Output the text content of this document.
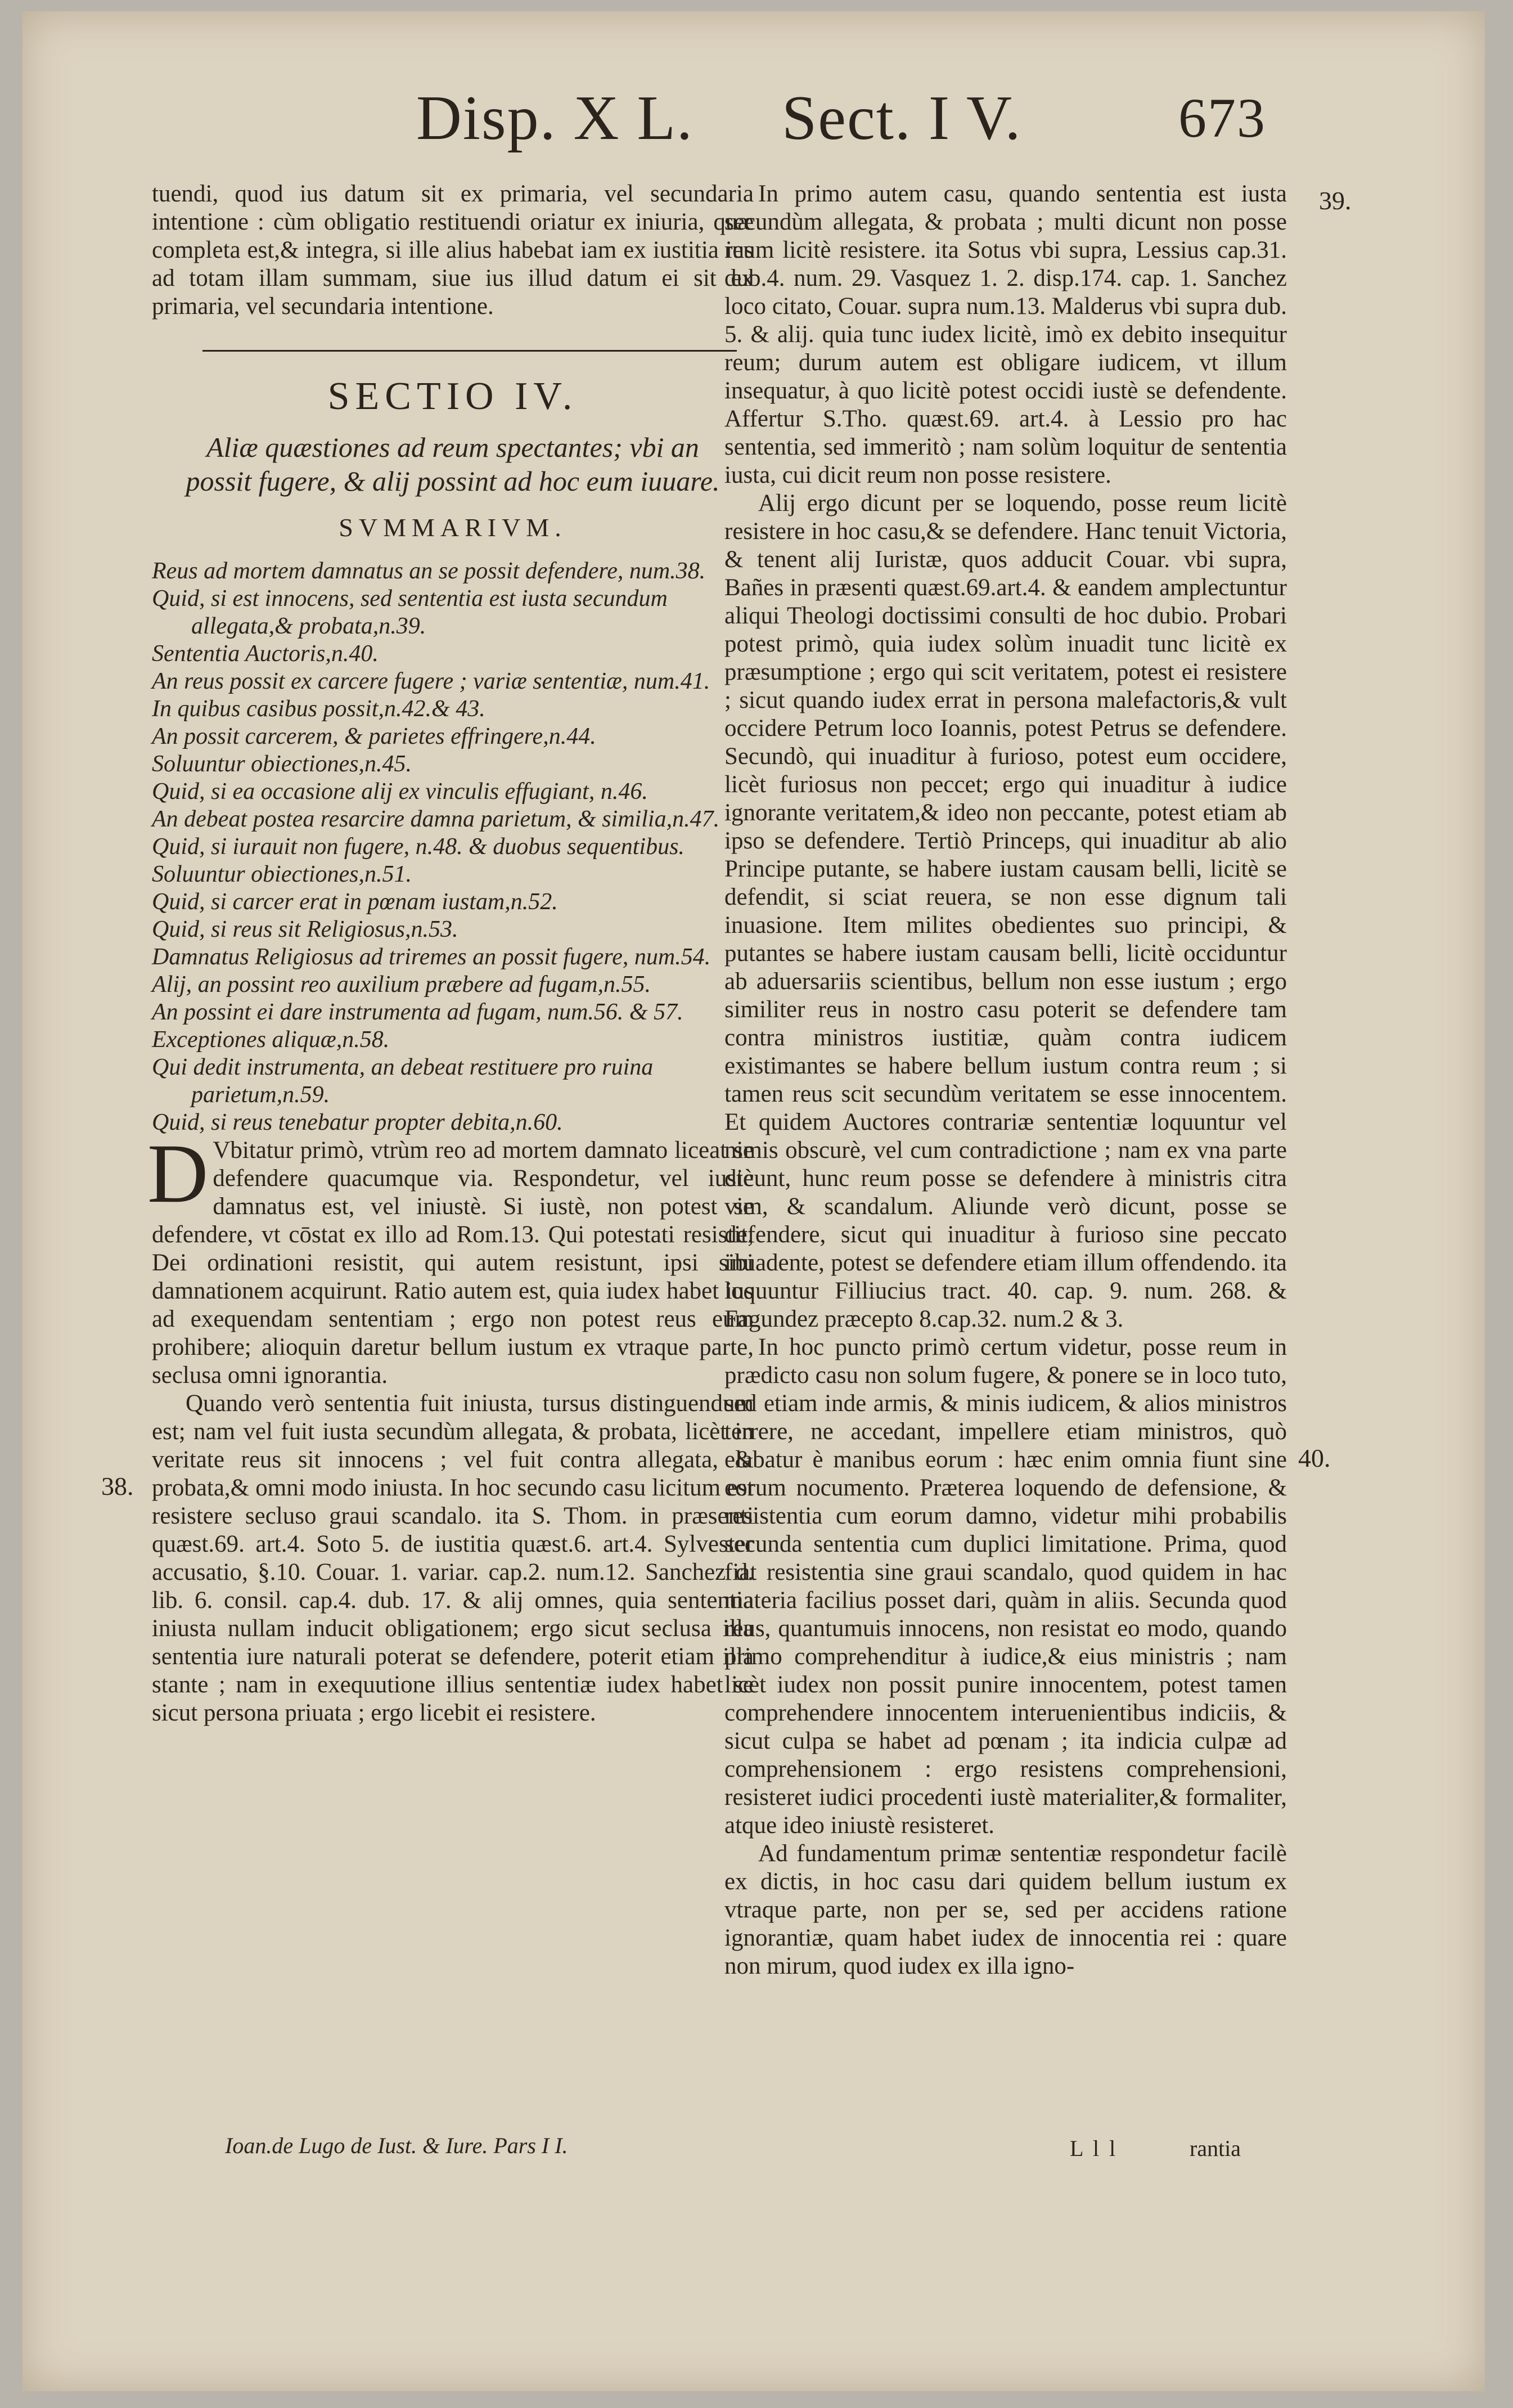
Disp. X L. Sect. I V.	673
39.
38.
40.

tuendi, quod ius datum sit ex primaria, vel secundaria intentione : cùm obligatio restituendi oriatur ex iniuria, quæ completa est,& integra, si ille alius habebat iam ex iustitia ius ad totam illam summam, siue ius illud datum ei sit ex primaria, vel secundaria intentione.

SECTIO IV.
Aliæ quæstiones ad reum spectantes; vbi an possit fugere, & alij possint ad hoc eum iuuare.
SVMMARIVM.
Reus ad mortem damnatus an se possit defendere, num.38.
Quid, si est innocens, sed sententia est iusta secundum allegata,& probata,n.39.
Sententia Auctoris,n.40.
An reus possit ex carcere fugere ; variæ sententiæ, num.41.
In quibus casibus possit,n.42.& 43.
An possit carcerem, & parietes effringere,n.44.
Soluuntur obiectiones,n.45.
Quid, si ea occasione alij ex vinculis effugiant, n.46.
An debeat postea resarcire damna parietum, & similia,n.47.
Quid, si iurauit non fugere, n.48. & duobus sequentibus.
Soluuntur obiectiones,n.51.
Quid, si carcer erat in pœnam iustam,n.52.
Quid, si reus sit Religiosus,n.53.
Damnatus Religiosus ad triremes an possit fugere, num.54.
Alij, an possint reo auxilium præbere ad fugam,n.55.
An possint ei dare instrumenta ad fugam, num.56. & 57.
Exceptiones aliquæ,n.58.
Qui dedit instrumenta, an debeat restituere pro ruina parietum,n.59.
Quid, si reus tenebatur propter debita,n.60.

D Vbitatur primò, vtrùm reo ad mortem damnato liceat se defendere quacumque via. Respondetur, vel iustè damnatus est, vel iniustè. Si iustè, non potest se defendere, vt cōstat ex illo ad Rom.13. Qui potestati resistit, Dei ordinationi resistit, qui autem resistunt, ipsi sibi damnationem acquirunt. Ratio autem est, quia iudex habet ius ad exequendam sententiam ; ergo non potest reus eum prohibere; alioquin daretur bellum iustum ex vtraque parte, seclusa omni ignorantia.

Quando verò sententia fuit iniusta, tursus distinguendum est; nam vel fuit iusta secundùm allegata, & probata, licèt in veritate reus sit innocens ; vel fuit contra allegata, & probata,& omni modo iniusta. In hoc secundo casu licitum est resistere secluso graui scandalo. ita S. Thom. in præsenti quæst.69. art.4. Soto 5. de iustitia quæst.6. art.4. Sylvester accusatio, §.10. Couar. 1. variar. cap.2. num.12. Sanchez d. lib. 6. consil. cap.4. dub. 17. & alij omnes, quia sententia iniusta nullam inducit obligationem; ergo sicut seclusa illa sententia iure naturali poterat se defendere, poterit etiam illa stante ; nam in exequutione illius sententiæ iudex habet se sicut persona priuata ; ergo licebit ei resistere.

In primo autem casu, quando sententia est iusta secundùm allegata, & probata ; multi dicunt non posse reum licitè resistere. ita Sotus vbi supra, Lessius cap.31. dub.4. num. 29. Vasquez 1. 2. disp.174. cap. 1. Sanchez loco citato, Couar. supra num.13. Malderus vbi supra dub. 5. & alij. quia tunc iudex licitè, imò ex debito insequitur reum; durum autem est obligare iudicem, vt illum insequatur, à quo licitè potest occidi iustè se defendente. Affertur S.Tho. quæst.69. art.4. à Lessio pro hac sententia, sed immeritò ; nam solùm loquitur de sententia iusta, cui dicit reum non posse resistere.

Alij ergo dicunt per se loquendo, posse reum licitè resistere in hoc casu,& se defendere. Hanc tenuit Victoria, & tenent alij Iuristæ, quos adducit Couar. vbi supra, Bañes in præsenti quæst.69.art.4. & eandem amplectuntur aliqui Theologi doctissimi consulti de hoc dubio. Probari potest primò, quia iudex solùm inuadit tunc licitè ex præsumptione ; ergo qui scit veritatem, potest ei resistere ; sicut quando iudex errat in persona malefactoris,& vult occidere Petrum loco Ioannis, potest Petrus se defendere. Secundò, qui inuaditur à furioso, potest eum occidere, licèt furiosus non peccet; ergo qui inuaditur à iudice ignorante veritatem,& ideo non peccante, potest etiam ab ipso se defendere. Tertiò Princeps, qui inuaditur ab alio Principe putante, se habere iustam causam belli, licitè se defendit, si sciat reuera, se non esse dignum tali inuasione. Item milites obedientes suo principi, & putantes se habere iustam causam belli, licitè occiduntur ab aduersariis scientibus, bellum non esse iustum ; ergo similiter reus in nostro casu poterit se defendere tam contra ministros iustitiæ, quàm contra iudicem existimantes se habere bellum iustum contra reum ; si tamen reus scit secundùm veritatem se esse innocentem. Et quidem Auctores contrariæ sententiæ loquuntur vel nimis obscurè, vel cum contradictione ; nam ex vna parte dicunt, hunc reum posse se defendere à ministris citra vim, & scandalum. Aliunde verò dicunt, posse se defendere, sicut qui inuaditur à furioso sine peccato inuadente, potest se defendere etiam illum offendendo. ita loquuntur Filliucius tract. 40. cap. 9. num. 268. & Fagundez præcepto 8.cap.32. num.2 & 3.

In hoc puncto primò certum videtur, posse reum in prædicto casu non solum fugere, & ponere se in loco tuto, sed etiam inde armis, & minis iudicem, & alios ministros terrere, ne accedant, impellere etiam ministros, quò elabatur è manibus eorum : hæc enim omnia fiunt sine eorum nocumento. Præterea loquendo de defensione, & resistentia cum eorum damno, videtur mihi probabilis secunda sententia cum duplici limitatione. Prima, quod fiat resistentia sine graui scandalo, quod quidem in hac materia facilius posset dari, quàm in aliis. Secunda quod reus, quantumuis innocens, non resistat eo modo, quando primo comprehenditur à iudice,& eius ministris ; nam licèt iudex non possit punire innocentem, potest tamen comprehendere innocentem interuenientibus indiciis, & sicut culpa se habet ad pœnam ; ita indicia culpæ ad comprehensionem : ergo resistens comprehensioni, resisteret iudici procedenti iustè materialiter,& formaliter, atque ideo iniustè resisteret.

Ad fundamentum primæ sententiæ respondetur facilè ex dictis, in hoc casu dari quidem bellum iustum ex vtraque parte, non per se, sed per accidens ratione ignorantiæ, quam habet iudex de innocentia rei : quare non mirum, quod iudex ex illa igno-

Ioan.de Lugo de Iust. & Iure. Pars I I.	L l l	rantia
